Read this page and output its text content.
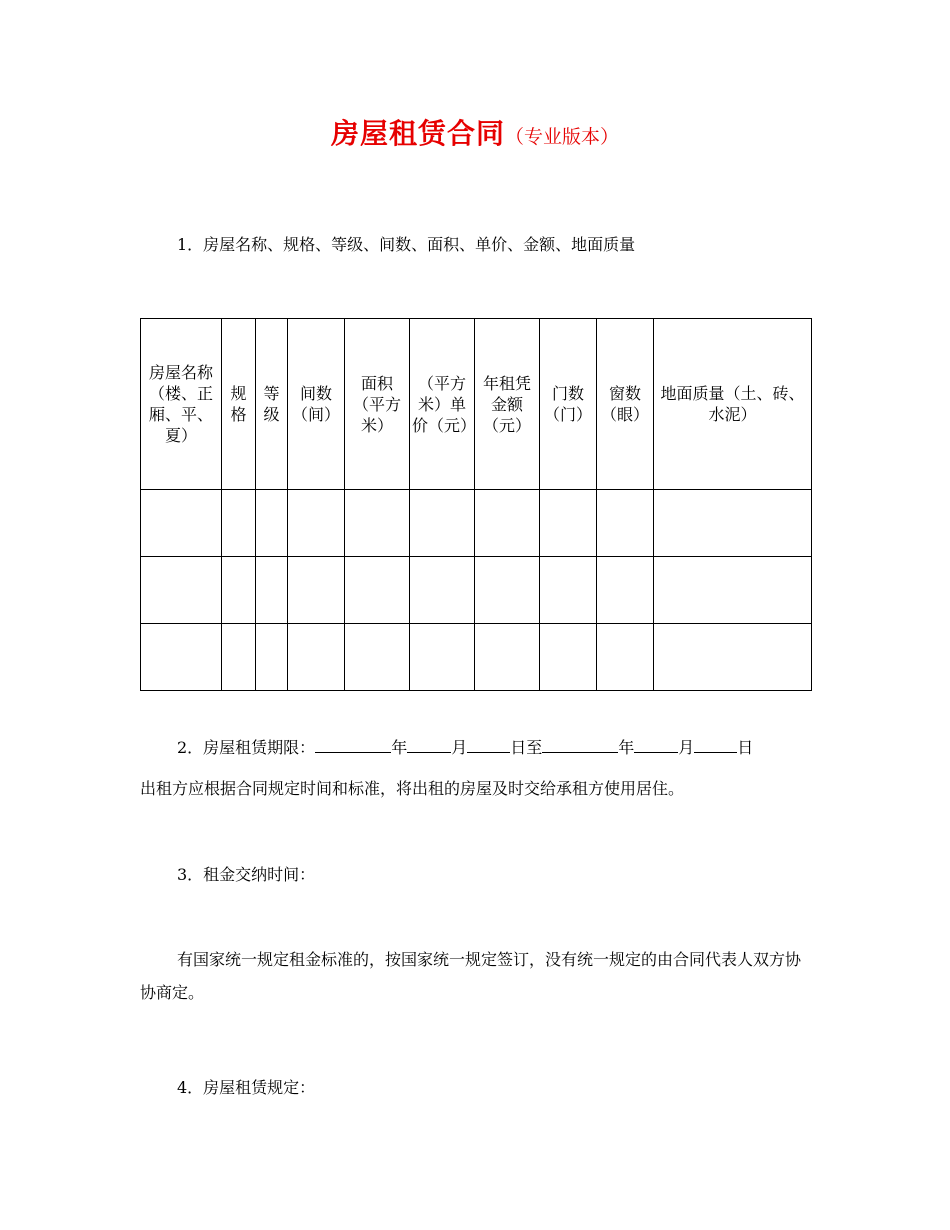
房屋租赁合同（专业版本）

1．房屋名称、规格、等级、间数、面积、单价、金额、地面质量

房屋名称（楼、正厢、平、夏）	规格	等级	间数（间）	面积（平方米）	（平方米）单价（元）	年租凭金额（元）	门数（门）	窗数（眼）	地面质量（土、砖、水泥）

2．房屋租赁期限：	年	月	日至	年	月	日

出租方应根据合同规定时间和标准，将出租的房屋及时交给承租方使用居住。

3．租金交纳时间：

有国家统一规定租金标准的，按国家统一规定签订，没有统一规定的由合同代表人双方协协商定。

4．房屋租赁规定：
